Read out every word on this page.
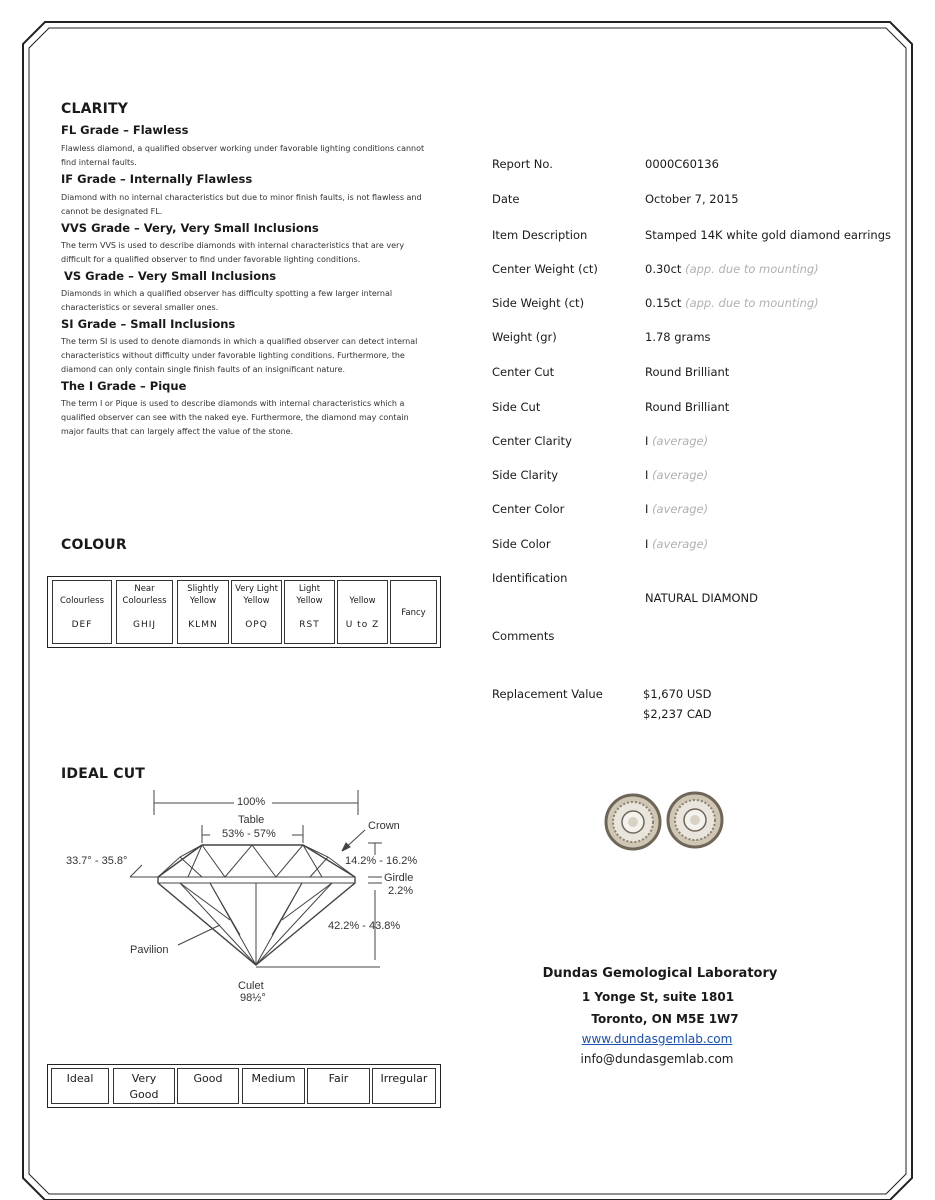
CLARITY
FL Grade – Flawless
Flawless diamond, a qualified observer working under favorable lighting conditions cannot find internal faults.
IF Grade – Internally Flawless
Diamond with no internal characteristics but due to minor finish faults, is not flawless and cannot be designated FL.
VVS Grade – Very, Very Small Inclusions
The term VVS is used to describe diamonds with internal characteristics that are very difficult for a qualified observer to find under favorable lighting conditions.
VS Grade – Very Small Inclusions
Diamonds in which a qualified observer has difficulty spotting a few larger internal characteristics or several smaller ones.
SI Grade – Small Inclusions
The term SI is used to denote diamonds in which a qualified observer can detect internal characteristics without difficulty under favorable lighting conditions. Furthermore, the diamond can only contain single finish faults of an insignificant nature.
The I Grade – Pique
The term I or Pique is used to describe diamonds with internal characteristics which a qualified observer can see with the naked eye. Furthermore, the diamond may contain major faults that can largely affect the value of the stone.
COLOUR
Colourless
DEF
Near Colourless
GHIJ
Slightly Yellow
KLMN
Very Light Yellow
OPQ
Light Yellow
RST
Yellow
U to Z
Fancy
IDEAL CUT
100%
Table
53% - 57%
Crown
33.7° - 35.8°	14.2% - 16.2%
Girdle
2.2%
42.2% - 43.8%
Pavilion
Culet
98½°
Ideal	Very Good
Good	Medium	Fair	Irregular
Report No.	0000C60136
Date	October 7, 2015
Item Description	Stamped 14K white gold diamond earrings
Center Weight (ct)	0.30ct (app. due to mounting)
Side Weight (ct)	0.15ct (app. due to mounting)
Weight (gr)	1.78 grams
Center Cut	Round Brilliant
Side Cut	Round Brilliant
Center Clarity	I (average)
Side Clarity	I (average)
Center Color	I (average)
Side Color	I (average)
Identification
NATURAL DIAMOND
Comments
Replacement Value	$1,670 USD
$2,237 CAD
Dundas Gemological Laboratory
1 Yonge St, suite 1801
Toronto, ON M5E 1W7
www.dundasgemlab.com
info@dundasgemlab.com
